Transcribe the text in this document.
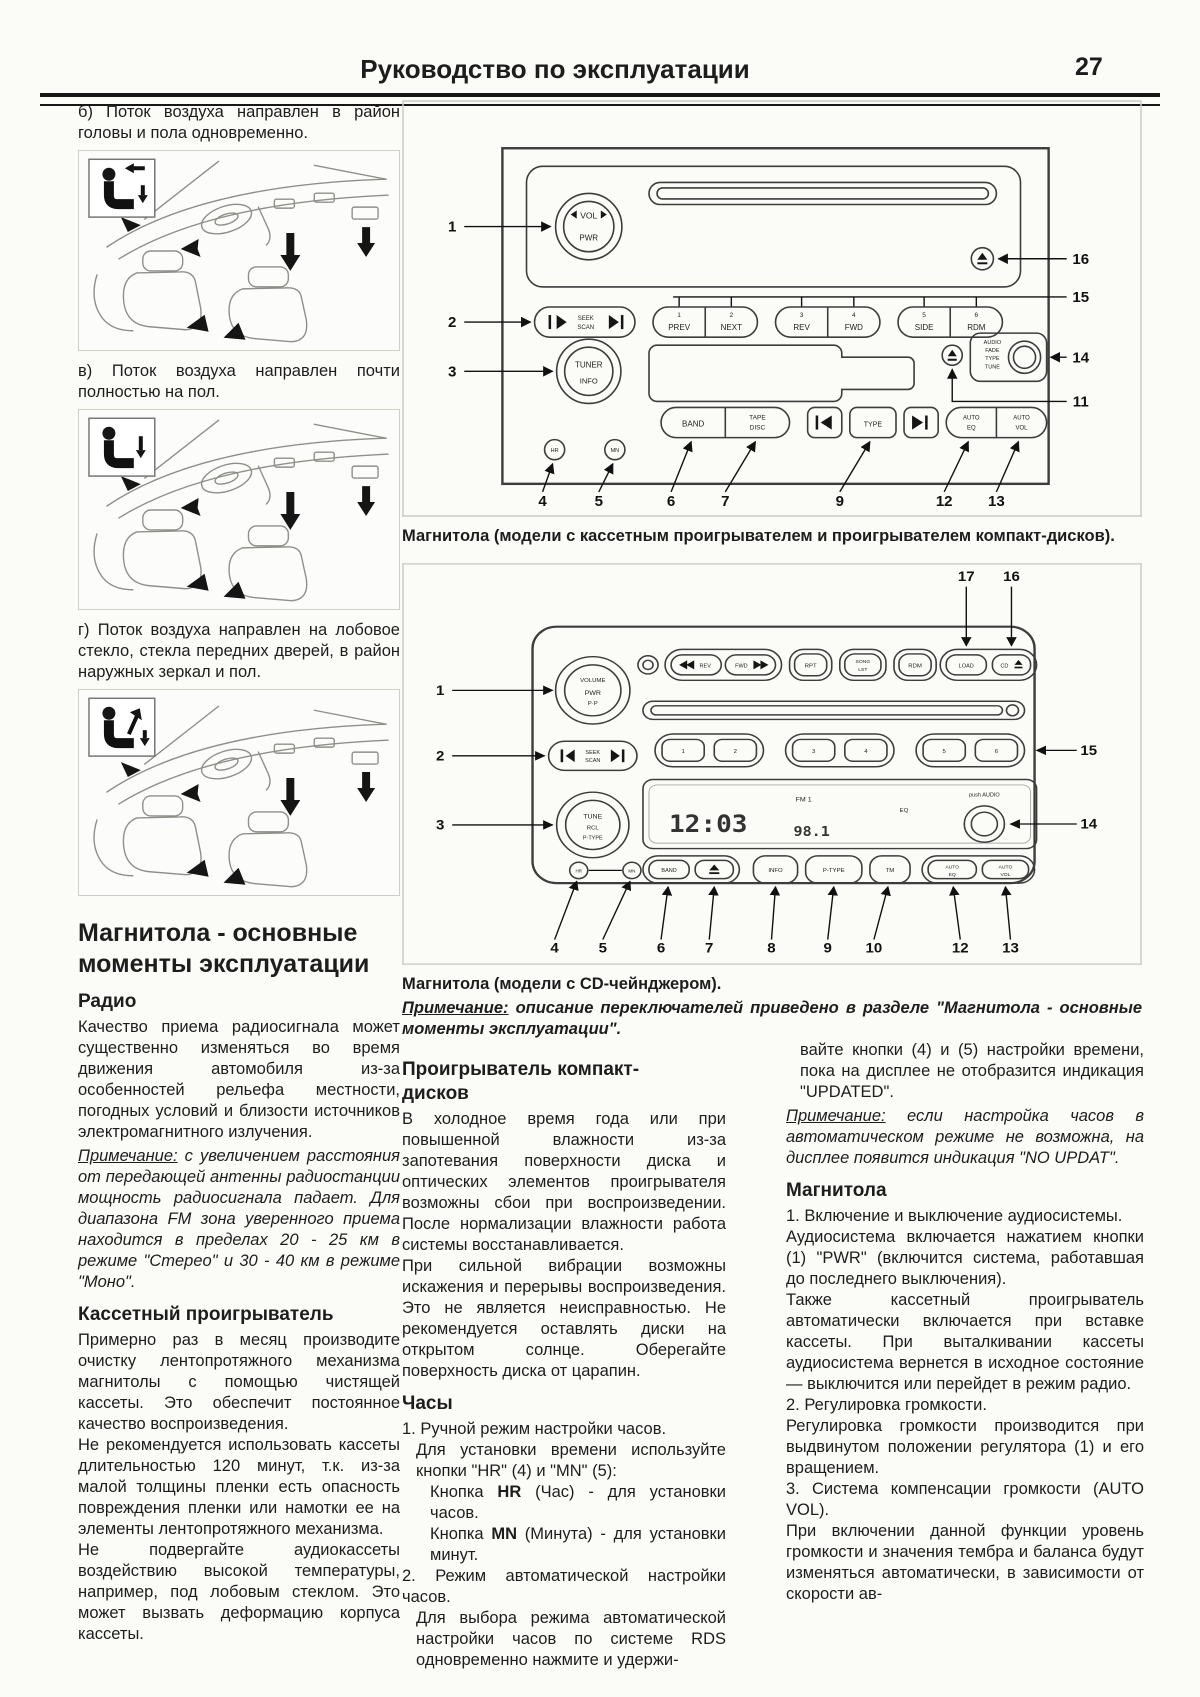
Руководство по эксплуатации	27

б) Поток воздуха направлен в район головы и пола одновременно.

в) Поток воздуха направлен почти полностью на пол.

г) Поток воздуха направлен на лобовое стекло, стекла передних дверей, в район наружных зеркал и пол.

Магнитола - основные моменты эксплуатации
Радио

Качество приема радиосигнала может существенно изменяться во время движения автомобиля из-за особенностей рельефа местности, погодных условий и близости источников электромагнитного излучения.

Примечание: с увеличением расстояния от передающей антенны радиостанции мощность радиосигнала падает. Для диапазона FM зона уверенного приема находится в пределах 20 - 25 км в режиме "Стерео" и 30 - 40 км в режиме "Моно".

Кассетный проигрыватель

Примерно раз в месяц производите очистку лентопротяжного механизма магнитолы с помощью чистящей кассеты. Это обеспечит постоянное качество воспроизведения.

Не рекомендуется использовать кассеты длительностью 120 минут, т.к. из-за малой толщины пленки есть опасность повреждения пленки или намотки ее на элементы лентопротяжного механизма.

Не подвергайте аудиокассеты воздействию высокой температуры, например, под лобовым стеклом. Это может вызвать деформацию корпуса кассеты.

VOL
PWR
SEEK
SCAN
1
PREV
2
NEXT
3
REV
4
FWD
5
SIDE
6
RDM
TUNER
INFO
AUDIO
FADE
TYPE
TUNE
BAND
TAPE
DISC	TYPE
AUTO
EQ
AUTO
VOL
HR	MN
1
2
3
16
15
14
11
4	5	6	7	9	12 13

Магнитола (модели с кассетным проигрывателем и проигрывателем компакт-дисков).

VOLUME
PWR
P·P
REV	FWD	RPT
SONG
LST
RDM	LOAD	CD
1	2	3	4	5	6
SEEK
SCAN
FM 1
EQ
push AUDIO
12:03	98.1
TUNE
RCL
P·TYPE
HR	MN	BAND	INFO	P-TYPE	TM
AUTO
EQ
AUTO
VOL
17 16
1
2
3
15
14
4	5	6	7	8	9 10	12 13

Магнитола (модели с CD-чейнджером).

Примечание: описание переключателей приведено в разделе "Магнитола - основные моменты эксплуатации".

Проигрыватель компакт-дисков

В холодное время года или при повышенной влажности из-за запотевания поверхности диска и оптических элементов проигрывателя возможны сбои при воспроизведении. После нормализации влажности работа системы восстанавливается.

При сильной вибрации возможны искажения и перерывы воспроизведения. Это не является неисправностью. Не рекомендуется оставлять диски на открытом солнце. Оберегайте поверхность диска от царапин.

Часы

1. Ручной режим настройки часов.

Для установки времени используйте кнопки "HR" (4) и "MN" (5):

Кнопка HR (Час) - для установки часов.

Кнопка MN (Минута) - для установки минут.

2. Режим автоматической настройки часов.

Для выбора режима автоматической настройки часов по системе RDS одновременно нажмите и удержи-

вайте кнопки (4) и (5) настройки времени, пока на дисплее не отобразится индикация "UPDATED".

Примечание: если настройка часов в автоматическом режиме не возможна, на дисплее появится индикация "NO UPDAT".

Магнитола

1. Включение и выключение аудиосистемы.

Аудиосистема включается нажатием кнопки (1) "PWR" (включится система, работавшая до последнего выключения).

Также кассетный проигрыватель автоматически включается при вставке кассеты. При выталкивании кассеты аудиосистема вернется в исходное состояние — выключится или перейдет в режим радио.

2. Регулировка громкости.

Регулировка громкости производится при выдвинутом положении регулятора (1) и его вращением.

3. Система компенсации громкости (AUTO VOL).

При включении данной функции уровень громкости и значения тембра и баланса будут изменяться автоматически, в зависимости от скорости ав-
